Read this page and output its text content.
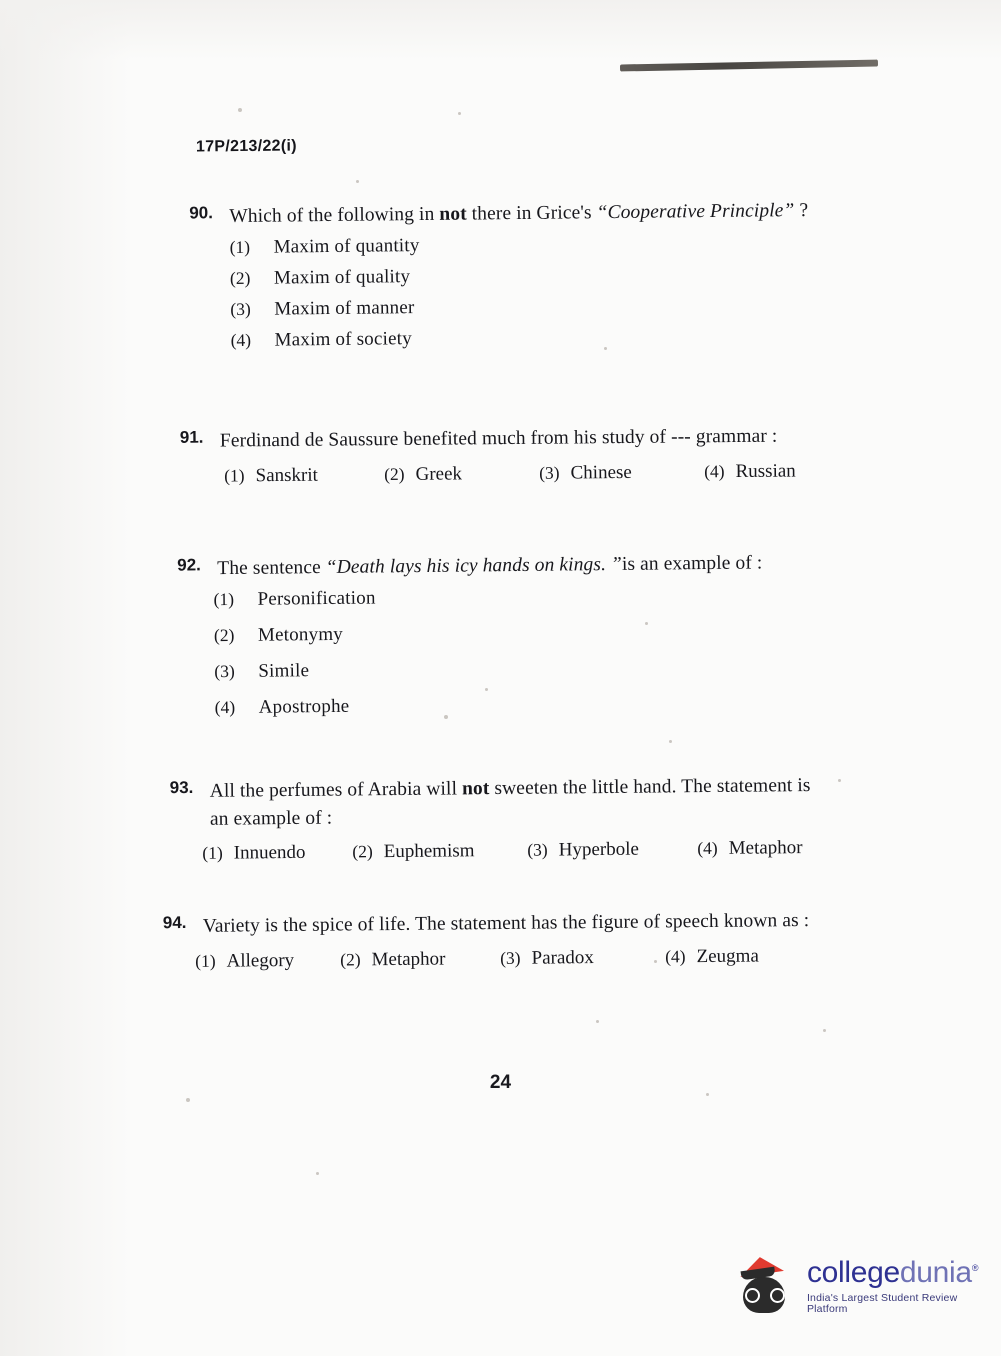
17P/213/22(i)
90. Which of the following in not there in Grice's “Cooperative Principle” ?
(1)	Maxim of quantity
(2)	Maxim of quality
(3)	Maxim of manner
(4)	Maxim of society
91. Ferdinand de Saussure benefited much from his study of --- grammar :
(1) Sanskrit	(2) Greek	(3) Chinese	(4) Russian
92. The sentence “Death lays his icy hands on kings. ”is an example of :
(1)	Personification
(2)	Metonymy
(3)	Simile
(4)	Apostrophe
93. All the perfumes of Arabia will not sweeten the little hand. The statement is an example of :
(1) Innuendo	(2) Euphemism	(3) Hyperbole	(4) Metaphor
94. Variety is the spice of life. The statement has the figure of speech known as :
(1) Allegory	(2) Metaphor	(3) Paradox	(4) Zeugma
24
collegedunia®
India's Largest Student Review Platform
